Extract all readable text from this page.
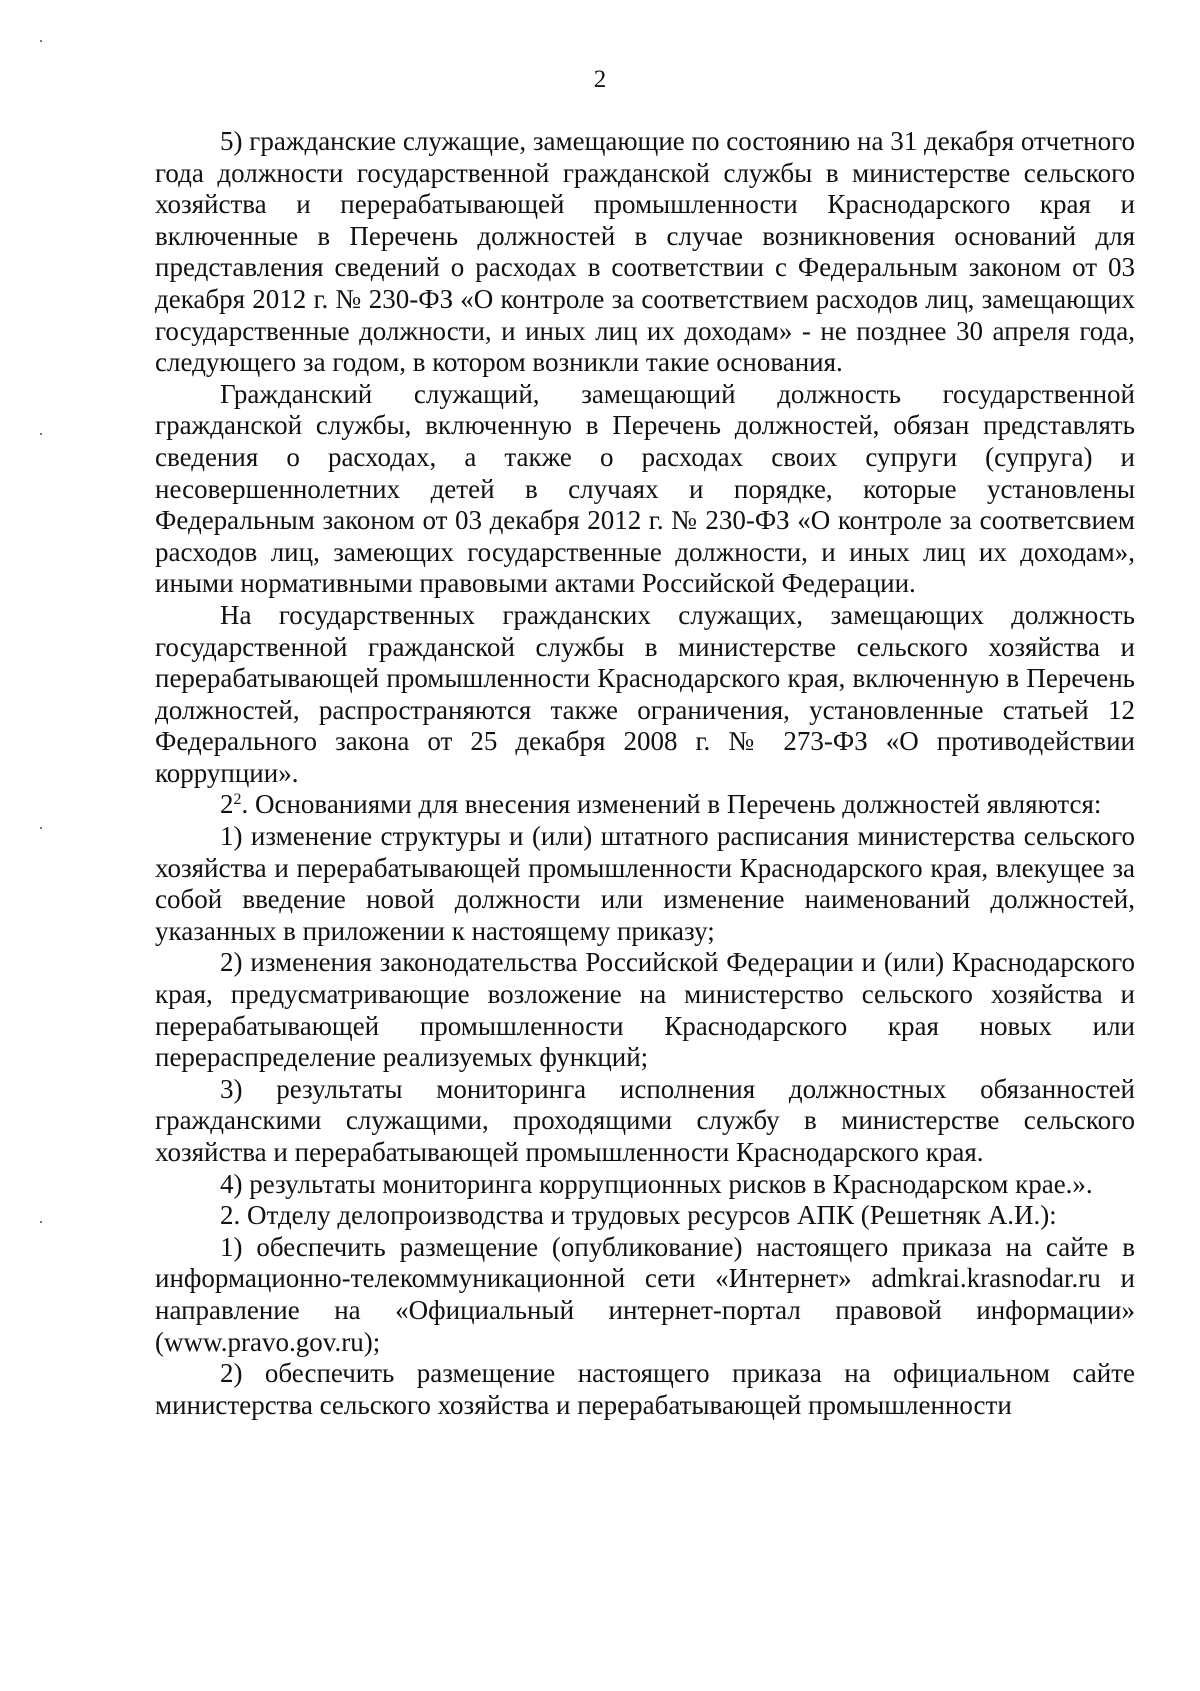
2

5) гражданские служащие, замещающие по состоянию на 31 декабря отчетного года должности государственной гражданской службы в министерстве сельского хозяйства и перерабатывающей промышленности Краснодарского края и включенные в Перечень должностей в случае возникновения оснований для представления сведений о расходах в соответствии с Федеральным законом от 03 декабря 2012 г. № 230-ФЗ «О контроле за соответствием расходов лиц, замещающих государственные должности, и иных лиц их доходам» - не позднее 30 апреля года, следующего за годом, в котором возникли такие основания.

Гражданский служащий, замещающий должность государственной гражданской службы, включенную в Перечень должностей, обязан представлять сведения о расходах, а также о расходах своих супруги (супруга) и несовершеннолетних детей в случаях и порядке, которые установлены Федеральным законом от 03 декабря 2012 г. № 230-ФЗ «О контроле за соответсвием расходов лиц, замеющих государственные должности, и иных лиц их доходам», иными нормативными правовыми актами Российской Федерации.

На государственных гражданских служащих, замещающих должность государственной гражданской службы в министерстве сельского хозяйства и перерабатывающей промышленности Краснодарского края, включенную в Перечень должностей, распространяются также ограничения, установленные статьей 12 Федерального закона от 25 декабря 2008 г. № 273-ФЗ «О противодействии коррупции».

$2^2$. Основаниями для внесения изменений в Перечень должностей являются:

1) изменение структуры и (или) штатного расписания министерства сельского хозяйства и перерабатывающей промышленности Краснодарского края, влекущее за собой введение новой должности или изменение наименований должностей, указанных в приложении к настоящему приказу;

2) изменения законодательства Российской Федерации и (или) Краснодарского края, предусматривающие возложение на министерство сельского хозяйства и перерабатывающей промышленности Краснодарского края новых или перераспределение реализуемых функций;

3) результаты мониторинга исполнения должностных обязанностей гражданскими служащими, проходящими службу в министерстве сельского хозяйства и перерабатывающей промышленности Краснодарского края.

4) результаты мониторинга коррупционных рисков в Краснодарском крае.».

2. Отделу делопроизводства и трудовых ресурсов АПК (Решетняк А.И.):

1) обеспечить размещение (опубликование) настоящего приказа на сайте в информационно-телекоммуникационной сети «Интернет» admkrai.krasnodar.ru и направление на «Официальный интернет-портал правовой информации» (www.pravo.gov.ru);

2) обеспечить размещение настоящего приказа на официальном сайте министерства сельского хозяйства и перерабатывающей промышленности
